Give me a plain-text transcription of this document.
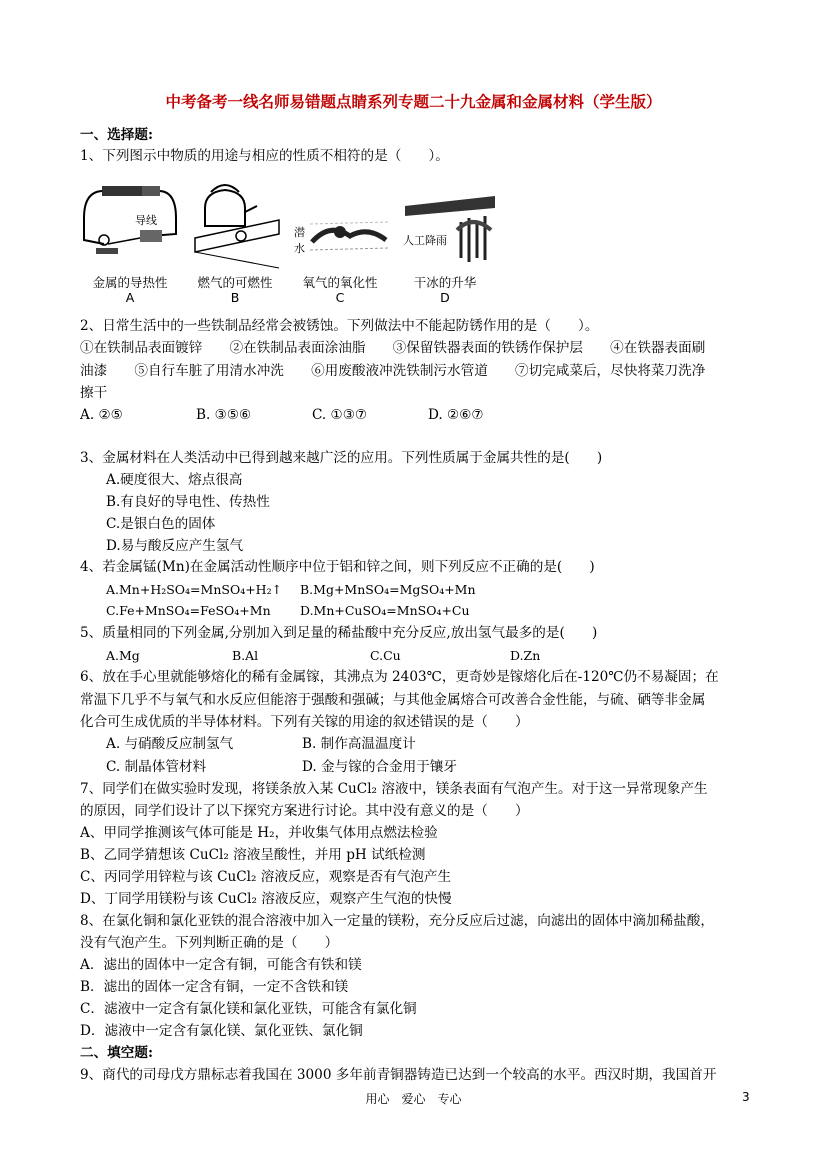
中考备考一线名师易错题点睛系列专题二十九金属和金属材料（学生版）
一、选择题:
1、下列图示中物质的用途与相应的性质不相符的是（　　）。
导线
金属的导热性
A
燃气的可燃性
B
潜
水
氧气的氧化性
C
人工降雨
干冰的升华
D
2、日常生活中的一些铁制品经常会被锈蚀。下列做法中不能起防锈作用的是（　　）。
①在铁制品表面镀锌　　②在铁制品表面涂油脂　　③保留铁器表面的铁锈作保护层　　④在铁器表面刷
油漆　　⑤自行车脏了用清水冲洗　　⑥用废酸液冲洗铁制污水管道　　⑦切完咸菜后，尽快将菜刀洗净
擦干
A. ②⑤	B. ③⑤⑥	C. ①③⑦	D. ②⑥⑦
3、金属材料在人类活动中已得到越来越广泛的应用。下列性质属于金属共性的是(　　)
A.硬度很大、熔点很高
B.有良好的导电性、传热性
C.是银白色的固体
D.易与酸反应产生氢气
4、若金属锰(Mn)在金属活动性顺序中位于铝和锌之间，则下列反应不正确的是(　　)
A.Mn+H₂SO₄=MnSO₄+H₂↑	B.Mg+MnSO₄=MgSO₄+Mn
C.Fe+MnSO₄=FeSO₄+Mn	D.Mn+CuSO₄=MnSO₄+Cu
5、质量相同的下列金属,分别加入到足量的稀盐酸中充分反应,放出氢气最多的是(　　)
A.Mg	B.Al	C.Cu	D.Zn
6、放在手心里就能够熔化的稀有金属镓，其沸点为 2403℃，更奇妙是镓熔化后在-120℃仍不易凝固；在
常温下几乎不与氧气和水反应但能溶于强酸和强碱；与其他金属熔合可改善合金性能，与硫、硒等非金属
化合可生成优质的半导体材料。下列有关镓的用途的叙述错误的是（　　）
A. 与硝酸反应制氢气	B. 制作高温温度计
C. 制晶体管材料	D. 金与镓的合金用于镶牙
7、同学们在做实验时发现，将镁条放入某 CuCl₂ 溶液中，镁条表面有气泡产生。对于这一异常现象产生
的原因，同学们设计了以下探究方案进行讨论。其中没有意义的是（　　）
A、甲同学推测该气体可能是 H₂，并收集气体用点燃法检验
B、乙同学猜想该 CuCl₂ 溶液呈酸性，并用 pH 试纸检测
C、丙同学用锌粒与该 CuCl₂ 溶液反应，观察是否有气泡产生
D、丁同学用镁粉与该 CuCl₂ 溶液反应，观察产生气泡的快慢
8、在氯化铜和氯化亚铁的混合溶液中加入一定量的镁粉，充分反应后过滤，向滤出的固体中滴加稀盐酸，
没有气泡产生。下列判断正确的是（　　）
A．滤出的固体中一定含有铜，可能含有铁和镁
B．滤出的固体一定含有铜，一定不含铁和镁
C．滤液中一定含有氯化镁和氯化亚铁，可能含有氯化铜
D．滤液中一定含有氯化镁、氯化亚铁、氯化铜
二、填空题:
9、商代的司母戊方鼎标志着我国在 3000 多年前青铜器铸造已达到一个较高的水平。西汉时期，我国首开
用心　爱心　专心	3
